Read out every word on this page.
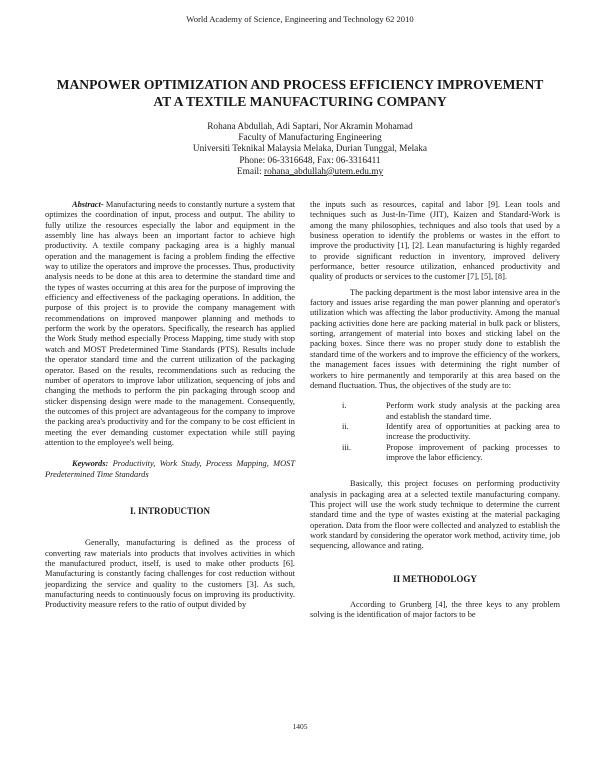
World Academy of Science, Engineering and Technology 62 2010
MANPOWER OPTIMIZATION AND PROCESS EFFICIENCY IMPROVEMENT
AT A TEXTILE MANUFACTURING COMPANY
Rohana Abdullah, Adi Saptari, Nor Akramin Mohamad
Faculty of Manufacturing Engineering
Universiti Teknikal Malaysia Melaka, Durian Tunggal, Melaka
Phone: 06-3316648, Fax: 06-3316411
Email: rohana_abdullah@utem.edu.my

Abstract- Manufacturing needs to constantly nurture a system that optimizes the coordination of input, process and output. The ability to fully utilize the resources especially the labor and equipment in the assembly line has always been an important factor to achieve high productivity. A textile company packaging area is a highly manual operation and the management is facing a problem finding the effective way to utilize the operators and improve the processes. Thus, productivity analysis needs to be done at this area to determine the standard time and the types of wastes occurring at this area for the purpose of improving the efficiency and effectiveness of the packaging operations. In addition, the purpose of this project is to provide the company management with recommendations on improved manpower planning and methods to perform the work by the operators. Specifically, the research has applied the Work Study method especially Process Mapping, time study with stop watch and MOST Predetermined Time Standards (PTS). Results include the operator standard time and the current utilization of the packaging operator. Based on the results, recommendations such as reducing the number of operators to improve labor utilization, sequencing of jobs and changing the methods to perform the pin packaging through scoop and sticker dispensing design were made to the management. Consequently, the outcomes of this project are advantageous for the company to improve the packing area's productivity and for the company to be cost efficient in meeting the ever demanding customer expectation while still paying attention to the employee's well being.

Keywords: Productivity, Work Study, Process Mapping, MOST Predetermined Time Standards

I. INTRODUCTION

Generally, manufacturing is defined as the process of converting raw materials into products that involves activities in which the manufactured product, itself, is used to make other products [6]. Manufacturing is constantly facing challenges for cost reduction without jeopardizing the service and quality to the customers [3]. As such, manufacturing needs to continuously focus on improving its productivity. Productivity measure refers to the ratio of output divided by

the inputs such as resources, capital and labor [9]. Lean tools and techniques such as Just-In-Time (JIT), Kaizen and Standard-Work is among the many philosophies, techniques and also tools that used by a business operation to identify the problems or wastes in the effort to improve the productivity [1], [2]. Lean manufacturing is highly regarded to provide significant reduction in inventory, improved delivery performance, better resource utilization, enhanced productivity and quality of products or services to the customer [7], [5], [8].

The packing department is the most labor intensive area in the factory and issues arise regarding the man power planning and operator's utilization which was affecting the labor productivity. Among the manual packing activities done here are packing material in bulk pack or blisters, sorting, arrangement of material into boxes and sticking label on the packing boxes. Since there was no proper study done to establish the standard time of the workers and to improve the efficiency of the workers, the management faces issues with determining the right number of workers to hire permanently and temporarily at this area based on the demand fluctuation. Thus, the objectives of the study are to:

i.	Perform work study analysis at the packing area and establish the standard time.
ii.	Identify area of opportunities at packing area to increase the productivity.
iii.	Propose improvement of packing processes to improve the labor efficiency.

Basically, this project focuses on performing productivity analysis in packaging area at a selected textile manufacturing company. This project will use the work study technique to determine the current standard time and the type of wastes existing at the material packaging operation. Data from the floor were collected and analyzed to establish the work standard by considering the operator work method, activity time, job sequencing, allowance and rating.

II METHODOLOGY

According to Grunberg [4], the three keys to any problem solving is the identification of major factors to be

1405
